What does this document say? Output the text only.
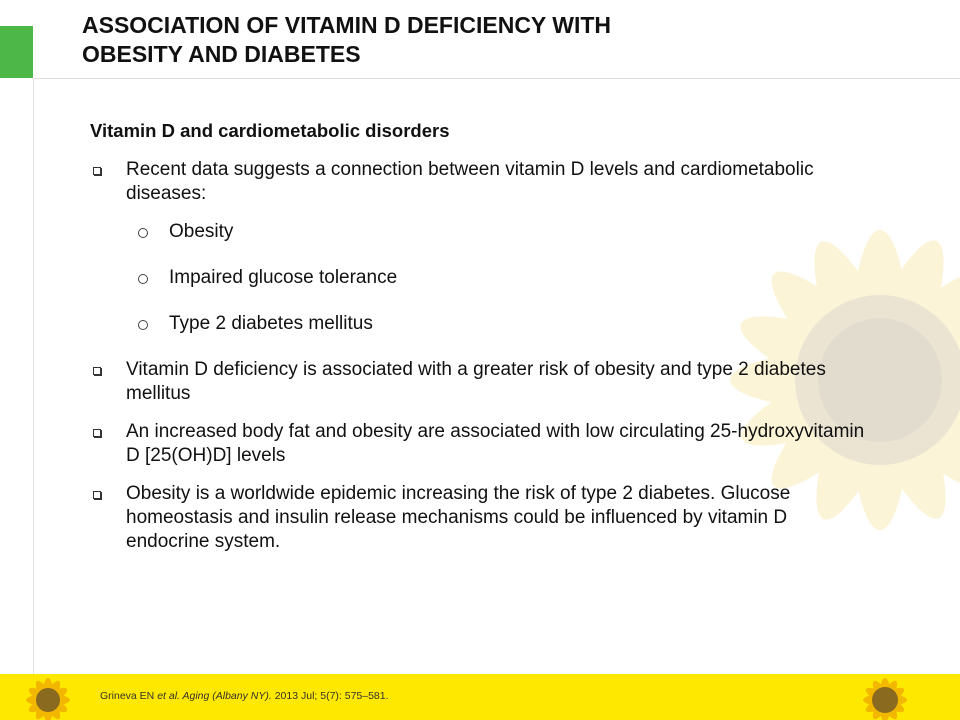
ASSOCIATION OF VITAMIN D DEFICIENCY WITH
OBESITY AND DIABETES
Vitamin D and cardiometabolic disorders
Recent data suggests a connection between vitamin D levels and cardiometabolic diseases:
Obesity
Impaired glucose tolerance
Type 2 diabetes mellitus
Vitamin D deficiency is associated with a greater risk of obesity and type 2 diabetes mellitus
An increased body fat and obesity are associated with low circulating 25-hydroxyvitamin D [25(OH)D] levels
Obesity is a worldwide epidemic increasing the risk of type 2 diabetes. Glucose homeostasis and insulin release mechanisms could be influenced by vitamin D endocrine system.
Grineva EN et al. Aging (Albany NY). 2013 Jul; 5(7): 575–581.
